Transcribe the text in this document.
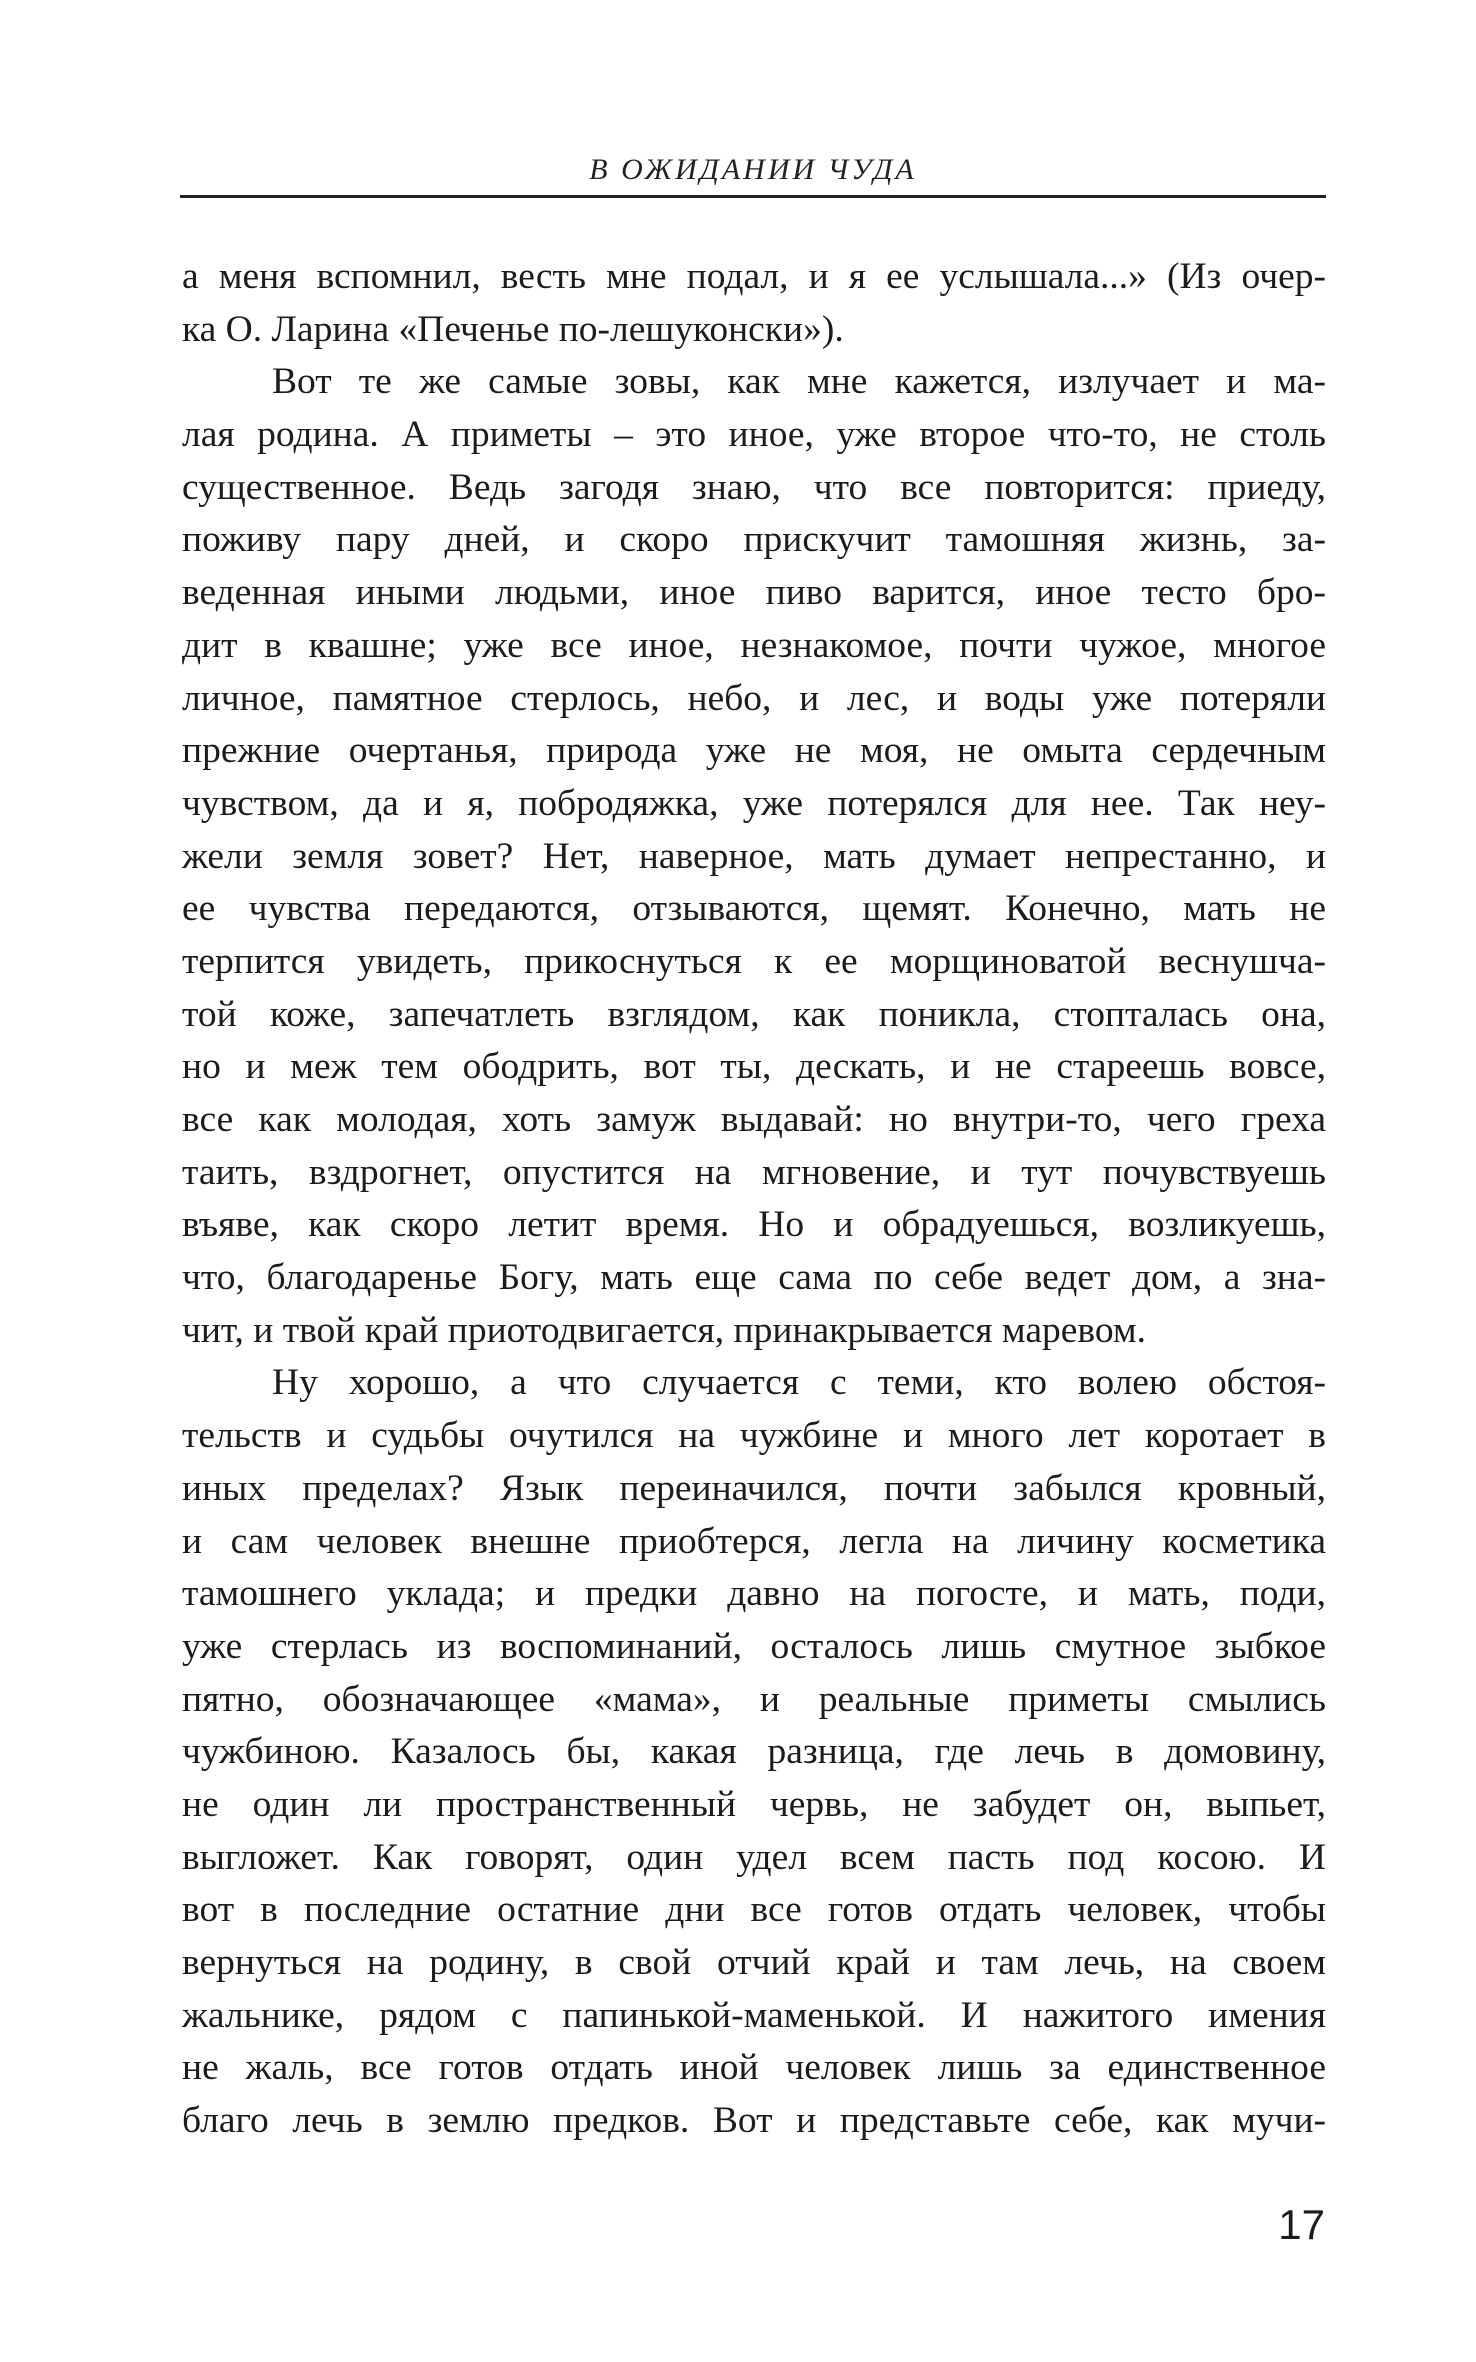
В ОЖИДАНИИ ЧУДА
а меня вспомнил, весть мне подал, и я ее услышала...» (Из очер-
ка О. Ларина «Печенье по-лешуконски»).
Вот те же самые зовы, как мне кажется, излучает и ма-
лая родина. А приметы – это иное, уже второе что-то, не столь
существенное. Ведь загодя знаю, что все повторится: приеду,
поживу пару дней, и скоро прискучит тамошняя жизнь, за-
веденная иными людьми, иное пиво варится, иное тесто бро-
дит в квашне; уже все иное, незнакомое, почти чужое, многое
личное, памятное стерлось, небо, и лес, и воды уже потеряли
прежние очертанья, природа уже не моя, не омыта сердечным
чувством, да и я, побродяжка, уже потерялся для нее. Так неу-
жели земля зовет? Нет, наверное, мать думает непрестанно, и
ее чувства передаются, отзываются, щемят. Конечно, мать не
терпится увидеть, прикоснуться к ее морщиноватой веснушча-
той коже, запечатлеть взглядом, как поникла, стопталась она,
но и меж тем ободрить, вот ты, дескать, и не стареешь вовсе,
все как молодая, хоть замуж выдавай: но внутри-то, чего греха
таить, вздрогнет, опустится на мгновение, и тут почувствуешь
въяве, как скоро летит время. Но и обрадуешься, возликуешь,
что, благодаренье Богу, мать еще сама по себе ведет дом, а зна-
чит, и твой край приотодвигается, принакрывается маревом.
Ну хорошо, а что случается с теми, кто волею обстоя-
тельств и судьбы очутился на чужбине и много лет коротает в
иных пределах? Язык переиначился, почти забылся кровный,
и сам человек внешне приобтерся, легла на личину косметика
тамошнего уклада; и предки давно на погосте, и мать, поди,
уже стерлась из воспоминаний, осталось лишь смутное зыбкое
пятно, обозначающее «мама», и реальные приметы смылись
чужбиною. Казалось бы, какая разница, где лечь в домовину,
не один ли пространственный червь, не забудет он, выпьет,
выгложет. Как говорят, один удел всем пасть под косою. И
вот в последние остатние дни все готов отдать человек, чтобы
вернуться на родину, в свой отчий край и там лечь, на своем
жальнике, рядом с папинькой-маменькой. И нажитого имения
не жаль, все готов отдать иной человек лишь за единственное
благо лечь в землю предков. Вот и представьте себе, как мучи-
17
